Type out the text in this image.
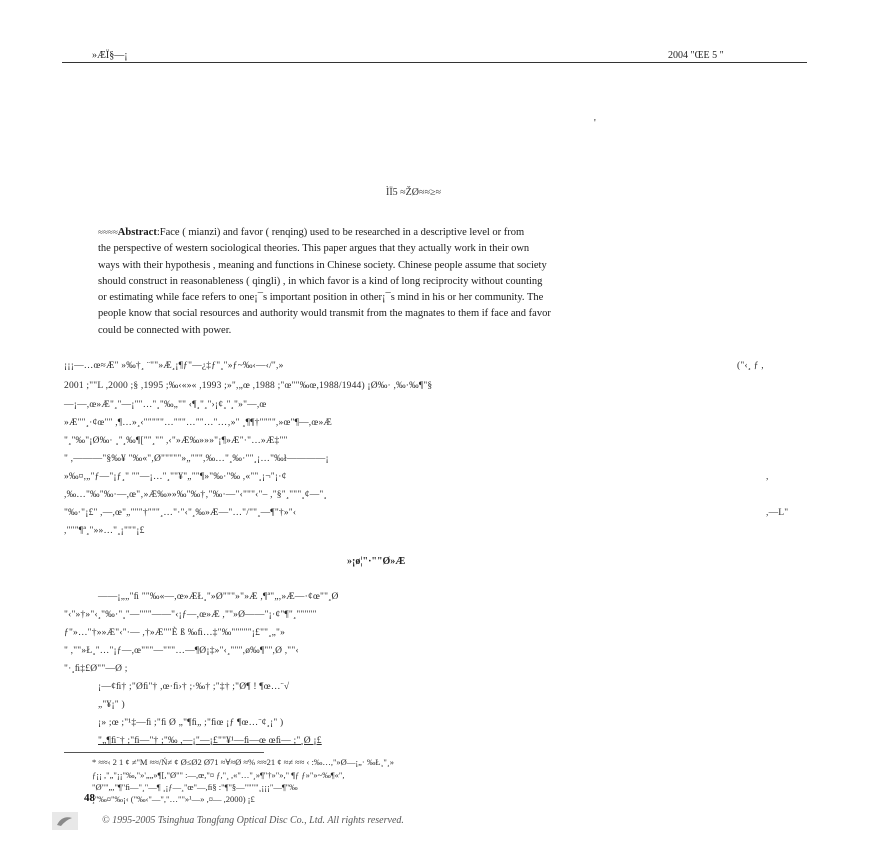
»ÆÏ§—¡	2004 "ŒE 5 "
'
ÌÏ5 ≈ŽØ≈≈≥≈
≈≈≈≈Abstract:Face ( mianzi) and favor ( renqing) used to be researched in a descriptive level or from
the perspective of western sociological theories. This paper argues that they actually work in their own
ways with their hypothesis , meaning and functions in Chinese society. Chinese people assume that society
should construct in reasonableness ( qingli) , in which favor is a kind of long reciprocity without counting
or estimating while face refers to one¡¯s important position in other¡¯s mind in his or her community. The
people know that social resources and authority would transmit from the magnates to them if face and favor
could be connected with power.
¡¡¡—…œ≈Æ" »‰†¸ ¨""»Æ¸¡¶ƒ"—¿‡ƒ"¸"»ƒ~‰‹—‹/",»	("‹¸ ƒ ,
2001 ;""L ,2000 ;§ ,1995 ;‰‹«»« ,1993 ;»",„œ ,1988 ;"œ""‰œ,1988/1944) ¡Ø‰· ,‰·‰¶"§
—¡—,œ»Æ"¸"—¡""…"¸"‰„"" ‹¶¸"¸"›¡¢¸"¸"»"—,œ
»Æ""¸·¢œ"" ,¶…»¸‹"""""…"""…""…"…‚»" ¸¶¶†"""",»œ"¶—,œ»Æ
"¸"‰"¡Ø‰· ¸"¸‰¶[""¸"" ,‹"»Æ‰»»»"¡¶»Æ"·"…»Æ‡""
" ,———"§‰¥ "‰«",Ø"""""»„""",‰…"¸‰·""¸¡…"‰ł————¡
»‰¤,„"ƒ—"¡ƒ¸" ""—¡…"¸""¥"„""¶»"‰·"‰ ,«""¸¡¬"¡·¢	,
,‰…"‰"‰·—,œ"‚»Æ‰»»‰"‰†‚"‰·—"‹"""‹"– ,"§"¸"""¸¢—"¸
"‰·"¡£" ,—,œ"„"""†"""¸…"·"‹"¸‰»Æ—"…"/""¸—¶"†»"‹	,—L"
,"""¶ª¸"»»…"¸¡"""¡£
»¡ø¦"·""Ø»Æ
——¡„„"ﬁ ""‰«—,œ»ÆŁ¸"»Ø"""»"»Æ ,¶ª"„,»Æ—·¢œ""¸Ø
"‹"»†»"‹¸"‰·"¸"—"""——"‹¡ƒ—,œ»Æ ,""»Ø——"¡·¢"¶"¸"""""
ƒ"»…"†»»Æ"‹"·— ,†»Æ""È ß ‰ﬁ…‡"‰"""""¡£""¸„"»
" ,""»Ł¸"…"¡ƒ—,œ"""—"""…—¶Ø¡‡»"‹¸""",ø‰¶"",Ø ,""‹
"·¸ﬁ‡£Ø""—Ø ;
¡—¢ﬁ† ;"Øﬁ"† ,œ·ﬁ›† ;·‰† ;"‡† ;"Ø¶ ! ¶œ…¨√
„"¥¡" )
¡» ;œ ;"¹‡—ﬁ ;"ﬁ Ø „"¶ﬁ„ ;"ﬁœ ¡ƒ ¶œ…¨¢¸¡" )
"„¶ﬁ¨† ;"ﬁ—"† ;"‰ ,—¡"—¡£""¥¹—ﬁ—œ œﬁ— ;"¸Ø ¡£
* ≈≈‹ 2 1 ¢ ≠"M ≈≈/Ń≠ ¢ Ø≤Ø2 Ø71 ≈∀≈Ø ≈% ≈≈21 ¢ ≈≠ ≈≈ ‹ :‰…,"»Ø—¡„· ‰Ł¸"¸»
ƒ¡¡ ,"„"¡¡"‰,"»'„„»¶[,"Ø"" :—,œ,"¤ ƒ,"¸ ,«"…"¸»¶"†»"»," ¶ƒ ƒ»"»~‰¶«",
"Ø""„,"¶"ﬁ—"¸"—¶ ¸¡ƒ—¸"œ"—,ﬁ§ :"¶"§—""""¸¡¡¡"—¶"‰
¸"‰¤"‰¡‹ ("‰‹"—","…""»¹—» ,¤— ,2000) ¡£
48
© 1995-2005 Tsinghua Tongfang Optical Disc Co., Ltd. All rights reserved.
